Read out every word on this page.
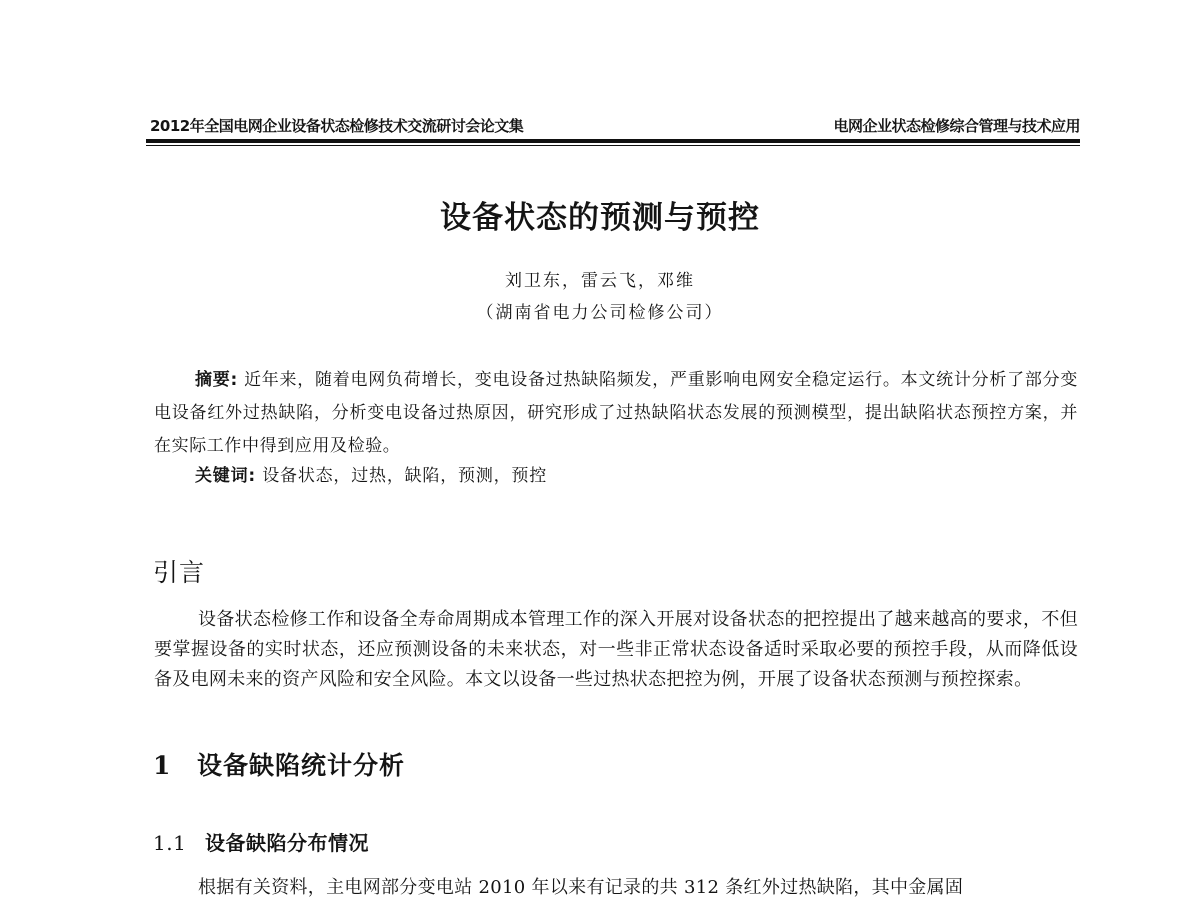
2012年全国电网企业设备状态检修技术交流研讨会论文集	电网企业状态检修综合管理与技术应用
设备状态的预测与预控
刘卫东，雷云飞，邓维
（湖南省电力公司检修公司）
摘要: 近年来，随着电网负荷增长，变电设备过热缺陷频发，严重影响电网安全稳定运行。本文统计分析了部分变电设备红外过热缺陷，分析变电设备过热原因，研究形成了过热缺陷状态发展的预测模型，提出缺陷状态预控方案，并在实际工作中得到应用及检验。
关键词: 设备状态，过热，缺陷，预测，预控
引言
设备状态检修工作和设备全寿命周期成本管理工作的深入开展对设备状态的把控提出了越来越高的要求，不但要掌握设备的实时状态，还应预测设备的未来状态，对一些非正常状态设备适时采取必要的预控手段，从而降低设备及电网未来的资产风险和安全风险。本文以设备一些过热状态把控为例，开展了设备状态预测与预控探索。
1 设备缺陷统计分析
1.1 设备缺陷分布情况
根据有关资料，主电网部分变电站 2010 年以来有记录的共 312 条红外过热缺陷，其中金属固
